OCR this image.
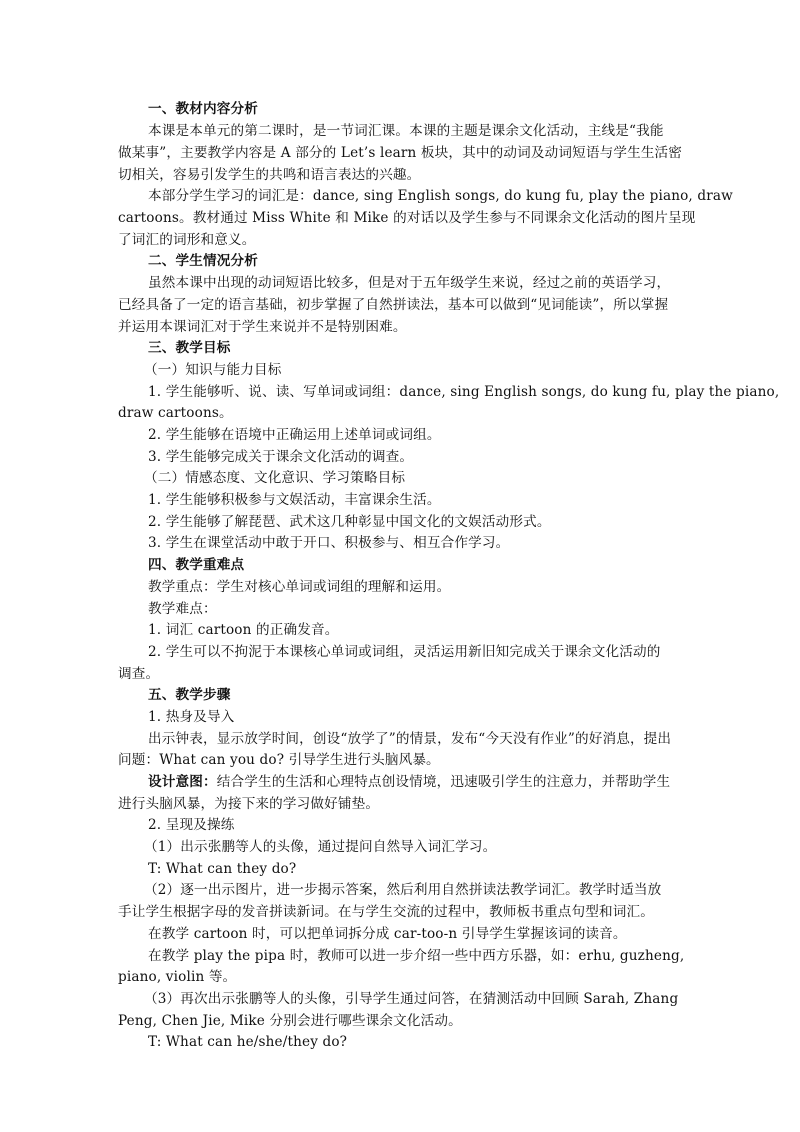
一、教材内容分析
本课是本单元的第二课时，是一节词汇课。本课的主题是课余文化活动，主线是“我能
做某事”，主要教学内容是 A 部分的 Let’s learn 板块，其中的动词及动词短语与学生生活密
切相关，容易引发学生的共鸣和语言表达的兴趣。
本部分学生学习的词汇是：dance, sing English songs, do kung fu, play the piano, draw
cartoons。教材通过 Miss White 和 Mike 的对话以及学生参与不同课余文化活动的图片呈现
了词汇的词形和意义。
二、学生情况分析
虽然本课中出现的动词短语比较多，但是对于五年级学生来说，经过之前的英语学习，
已经具备了一定的语言基础，初步掌握了自然拼读法，基本可以做到“见词能读”，所以掌握
并运用本课词汇对于学生来说并不是特别困难。
三、教学目标
（一）知识与能力目标
1. 学生能够听、说、读、写单词或词组：dance, sing English songs, do kung fu, play the piano,
draw cartoons。
2. 学生能够在语境中正确运用上述单词或词组。
3. 学生能够完成关于课余文化活动的调查。
（二）情感态度、文化意识、学习策略目标
1. 学生能够积极参与文娱活动，丰富课余生活。
2. 学生能够了解琵琶、武术这几种彰显中国文化的文娱活动形式。
3. 学生在课堂活动中敢于开口、积极参与、相互合作学习。
四、教学重难点
教学重点：学生对核心单词或词组的理解和运用。
教学难点：
1. 词汇 cartoon 的正确发音。
2. 学生可以不拘泥于本课核心单词或词组，灵活运用新旧知完成关于课余文化活动的
调查。
五、教学步骤
1. 热身及导入
出示钟表，显示放学时间，创设“放学了”的情景，发布“今天没有作业”的好消息，提出
问题：What can you do? 引导学生进行头脑风暴。
设计意图：结合学生的生活和心理特点创设情境，迅速吸引学生的注意力，并帮助学生
进行头脑风暴，为接下来的学习做好铺垫。
2. 呈现及操练
（1）出示张鹏等人的头像，通过提问自然导入词汇学习。
T: What can they do?
（2）逐一出示图片，进一步揭示答案，然后利用自然拼读法教学词汇。教学时适当放
手让学生根据字母的发音拼读新词。在与学生交流的过程中，教师板书重点句型和词汇。
在教学 cartoon 时，可以把单词拆分成 car-too-n 引导学生掌握该词的读音。
在教学 play the pipa 时，教师可以进一步介绍一些中西方乐器，如：erhu, guzheng,
piano, violin 等。
（3）再次出示张鹏等人的头像，引导学生通过问答，在猜测活动中回顾 Sarah, Zhang
Peng, Chen Jie, Mike 分别会进行哪些课余文化活动。
T: What can he/she/they do?
